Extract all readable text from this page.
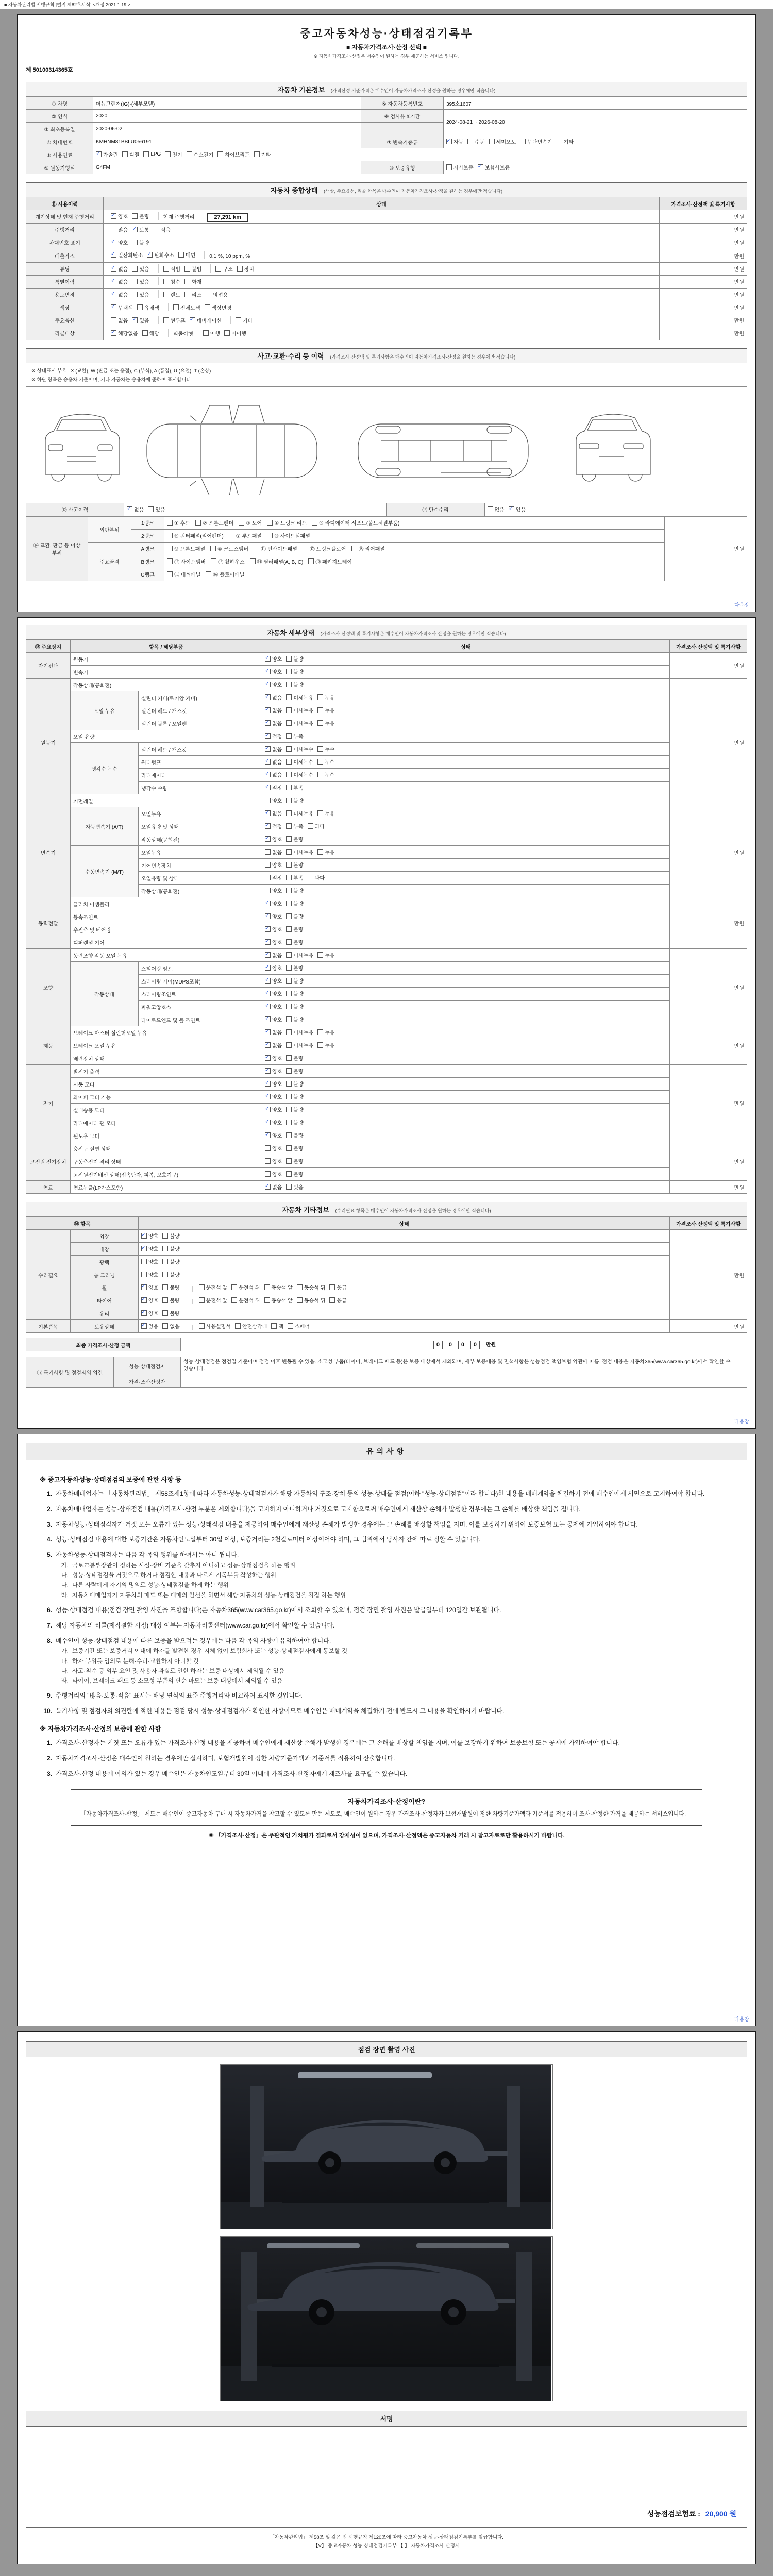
■ 자동차관리법 시행규칙 [별지 제82호서식] <개정 2021.1.19.>
중고자동차성능·상태점검기록부
■ 자동차가격조사·산정 선택 ■
※ 자동차가격조사·산정은 매수인이 원하는 경우 제공하는 서비스 입니다.
제 50100314365호
자동차 기본정보 (가격산정 기준가격은 매수인이 자동차가격조사·산정을 원하는 경우에만 적습니다)
① 차명	더뉴그랜저(IG)-(세부모델)	⑤ 자동차등록번호	395소1607
② 연식	2020	⑥ 검사유효기간	2024-08-21 ~ 2026-08-20
③ 최초등록일	2020-06-02		
④ 차대번호	KMHNM81BBLU056191	⑦ 변속기종류	
✓자동 수동 세미오토 무단변속기 기타

⑧ 사용연료	
✓가솔린 디젤 LPG 전기 수소전기 하이브리드 기타

⑨ 원동기형식	G4FM	⑩ 보증유형	자가보증 ✓ 보험사보증
자동차 종합상태 (색상, 주요옵션, 리콜 항목은 매수인이 자동차가격조사·산정을 원하는 경우에만 적습니다)
⑪ 사용이력	상태	가격조사·산정액 및 특기사항
계기상태 및 현재 주행거리	
✓양호 불량 현재 주행거리 27,291 km	만원
주행거리	많음 ✓ 보통 적음	만원
차대번호 표기	
✓양호 불량	만원
배출가스	
✓일산화탄소 ✓ 탄화수소 매연 0.1 %, 10 ppm, %	만원
튜닝	
✓없음 있음	적법 불법	구조 장치	만원
특별이력	
✓없음 있음 침수 화재	만원
용도변경	
✓없음 있음 렌트 리스 영업용	만원
색상	
✓무채색 유채색 전체도색 색상변경	만원
주요옵션	없음 ✓ 있음 썬루프 ✓ 네비게이션 기타	만원
리콜대상	
✓해당없음 해당 리콜이행 이행 미이행	만원
사고·교환·수리 등 이력 (가격조사·산정액 및 특기사항은 매수인이 자동차가격조사·산정을 원하는 경우에만 적습니다)
※ 상태표시 부호 : X (교환), W (판금 또는 용접), C (부식), A (흠집), U (요철), T (손상)
※ 하단 항목은 승용차 기준이며, 기타 자동차는 승용차에 준하여 표시합니다.
⑫ 사고이력	
✓없음 있음	⑬ 단순수리	없음 ✓ 있음
⑭ 교환, 판금 등 이상 부위	외판부위	1랭크	① 후드 ② 프론트펜더 ③ 도어 ④ 트렁크 리드 ⑤ 라디에이터 서포트(볼트체결부품)	만원
		2랭크	⑥ 쿼터패널(리어펜더) ⑦ 루프패널 ⑧ 사이드실패널	

	주요골격	A랭크	⑨ 프론트패널 ⑩ 크로스멤버 ⑪ 인사이드패널 ⑰ 트렁크플로어 ⑱ 리어패널	

		B랭크	⑫ 사이드멤버 ⑬ 휠하우스 ⑭ 필러패널(A, B, C) ⑲ 패키지트레이	

		C랭크	⑮ 대쉬패널 ⑯ 플로어패널	
다음장
자동차 세부상태 (가격조사·산정액 및 특기사항은 매수인이 자동차가격조사·산정을 원하는 경우에만 적습니다)
⑮ 주요장치	항목 / 해당부품		상태	가격조사·산정액 및 특기사항
자기진단	원동기	
✓양호 불량	만원
	변속기	
✓양호 불량

원동기	작동상태(공회전)	
✓양호 불량	만원
	오일 누유	실린더 커버(로커암 커버)	
✓없음 미세누유 누유

		실린더 헤드 / 개스킷	
✓없음 미세누유 누유

		실린더 블록 / 오일팬	
✓없음 미세누유 누유

	오일 유량	
✓적정 부족

	냉각수 누수	실린더 헤드 / 개스킷	
✓없음 미세누수 누수

		워터펌프	
✓없음 미세누수 누수

		라디에이터	
✓없음 미세누수 누수

		냉각수 수량	
✓적정 부족

	커먼레일		양호 불량	

변속기	자동변속기 (A/T)	오일누유	
✓없음 미세누유 누유	만원
		오일유량 및 상태	
✓적정 부족 과다

		작동상태(공회전)	
✓양호 불량

	수동변속기 (M/T)	오일누유	없음 미세누유 누유	

		기어변속장치	양호 불량	

		오일유량 및 상태	적정 부족 과다	

		작동상태(공회전)	양호 불량	

동력전달	클러치 어셈블리	
✓양호 불량	만원
	등속조인트	
✓양호 불량

	추진축 및 베어링	
✓양호 불량

	디퍼렌셜 기어	
✓양호 불량

조향	동력조향 작동 오일 누유	
✓없음 미세누유 누유	만원
	작동상태	스티어링 펌프	
✓양호 불량

		스티어링 기어(MDPS포함)	
✓양호 불량

		스티어링조인트	
✓양호 불량

		파워고압호스	
✓양호 불량

		타이로드엔드 및 볼 조인트	
✓양호 불량

제동	브레이크 마스터 실린더오일 누유	
✓없음 미세누유 누유	만원
	브레이크 오일 누유	
✓없음 미세누유 누유

	배력장치 상태	
✓양호 불량

전기	발전기 출력	
✓양호 불량	만원
	시동 모터	
✓양호 불량

	와이퍼 모터 기능	
✓양호 불량

	실내송풍 모터	
✓양호 불량

	라디에이터 팬 모터	
✓양호 불량

	윈도우 모터	
✓양호 불량

고전원 전기장치	충전구 절연 상태		양호 불량	만원
	구동축전지 격리 상태		양호 불량	

	고전원전기배선 상태(접속단자, 피복, 보호기구)		양호 불량	

연료	연료누출(LP가스포함)	
✓없음 있음	만원
자동차 기타정보 (수리필요 항목은 매수인이 자동차가격조사·산정을 원하는 경우에만 적습니다)
⑯ 항목		상태	가격조사·산정액 및 특기사항
수리필요	외장	
✓양호 불량	만원
	내장	
✓양호 불량

	광택	양호 불량	

	룸 크리닝	양호 불량	

휠	
✓양호 불량	운전석 앞 운전석 뒤 동승석 앞 동승석 뒤 응급

타이어	
✓양호 불량	운전석 앞 운전석 뒤 동승석 앞 동승석 뒤 응급

	유리	
✓양호 불량

기본품목	보유상태	
✓있음 없음	사용설명서 안전삼각대 잭 스패너	만원
최종 가격조사·산정 금액	0 0 0 0 만원
⑰ 특기사항 및 점검자의 의견	성능·상태점검자	성능·상태점검은 점검일 기준이며 점검 이후 변동될 수 있음. 소모성 부품(타이어, 브레이크 패드 등)은 보증 대상에서 제외되며, 세부 보증내용 및 면책사항은 성능점검 책임보험 약관에 따름. 점검 내용은 자동차365(www.car365.go.kr)에서 확인할 수 있습니다.
	가격·조사산정자	
다음장
유의사항
※ 중고자동차성능·상태점검의 보증에 관한 사항 등
1. 자동차매매업자는 「자동차관리법」 제58조제1항에 따라 자동차성능·상태점검자가 해당 자동차의 구조·장치 등의 성능·상태를 점검(이하 "성능·상태점검"이라 합니다)한 내용을 매매계약을 체결하기 전에 매수인에게 서면으로 고지하여야 합니다.
2. 자동차매매업자는 성능·상태점검 내용(가격조사·산정 부분은 제외합니다)을 고지하지 아니하거나 거짓으로 고지함으로써 매수인에게 재산상 손해가 발생한 경우에는 그 손해를 배상할 책임을 집니다.
3. 자동차성능·상태점검자가 거짓 또는 오류가 있는 성능·상태점검 내용을 제공하여 매수인에게 재산상 손해가 발생한 경우에는 그 손해를 배상할 책임을 지며, 이를 보장하기 위하여 보증보험 또는 공제에 가입하여야 합니다.
4. 성능·상태점검 내용에 대한 보증기간은 자동차인도일부터 30일 이상, 보증거리는 2천킬로미터 이상이어야 하며, 그 범위에서 당사자 간에 따로 정할 수 있습니다.
5. 자동차성능·상태점검자는 다음 각 목의 행위를 하여서는 아니 됩니다.
가. 국토교통부장관이 정하는 시설·장비 기준을 갖추지 아니하고 성능·상태점검을 하는 행위
나. 성능·상태점검을 거짓으로 하거나 점검한 내용과 다르게 기록부를 작성하는 행위
다. 다른 사람에게 자기의 명의로 성능·상태점검을 하게 하는 행위
라. 자동차매매업자가 자동차의 매도 또는 매매의 알선을 하면서 해당 자동차의 성능·상태점검을 직접 하는 행위
6. 성능·상태점검 내용(점검 장면 촬영 사진을 포함합니다)은 자동차365(www.car365.go.kr)에서 조회할 수 있으며, 점검 장면 촬영 사진은 발급일부터 120일간 보관됩니다.
7. 해당 자동차의 리콜(제작결함 시정) 대상 여부는 자동차리콜센터(www.car.go.kr)에서 확인할 수 있습니다.
8. 매수인이 성능·상태점검 내용에 따른 보증을 받으려는 경우에는 다음 각 목의 사항에 유의하여야 합니다.
가. 보증기간 또는 보증거리 이내에 하자를 발견한 경우 지체 없이 보험회사 또는 성능·상태점검자에게 통보할 것
나. 하자 부위를 임의로 분해·수리·교환하지 아니할 것
다. 사고·침수 등 외부 요인 및 사용자 과실로 인한 하자는 보증 대상에서 제외될 수 있음
라. 타이어, 브레이크 패드 등 소모성 부품의 단순 마모는 보증 대상에서 제외될 수 있음
9. 주행거리의 "많음·보통·적음" 표시는 해당 연식의 표준 주행거리와 비교하여 표시한 것입니다.
10. 특기사항 및 점검자의 의견란에 적힌 내용은 점검 당시 성능·상태점검자가 확인한 사항이므로 매수인은 매매계약을 체결하기 전에 반드시 그 내용을 확인하시기 바랍니다.
※ 자동차가격조사·산정의 보증에 관한 사항
1. 가격조사·산정자는 거짓 또는 오류가 있는 가격조사·산정 내용을 제공하여 매수인에게 재산상 손해가 발생한 경우에는 그 손해를 배상할 책임을 지며, 이를 보장하기 위하여 보증보험 또는 공제에 가입하여야 합니다.
2. 자동차가격조사·산정은 매수인이 원하는 경우에만 실시하며, 보험개발원이 정한 차량기준가액과 기준서를 적용하여 산출합니다.
3. 가격조사·산정 내용에 이의가 있는 경우 매수인은 자동차인도일부터 30일 이내에 가격조사·산정자에게 재조사를 요구할 수 있습니다.
자동차가격조사·산정이란?
「자동차가격조사·산정」 제도는 매수인이 중고자동차 구매 시 자동차가격을 참고할 수 있도록 만든 제도로, 매수인이 원하는 경우 가격조사·산정자가 보험개발원이 정한 차량기준가액과 기준서를 적용하여 조사·산정한 가격을 제공하는 서비스입니다.
※ 「가격조사·산정」은 주관적인 가치평가 결과로서 강제성이 없으며, 가격조사·산정액은 중고자동차 거래 시 참고자료로만 활용하시기 바랍니다.
다음장
점검 장면 촬영 사진
서명
성능점검보험료 : 20,900 원
「자동차관리법」 제58조 및 같은 법 시행규칙 제120조에 따라 중고자동차 성능·상태점검기록부를 발급합니다.
【V】 중고자동차 성능·상태점검기록부 【 】 자동차가격조사·산정서
